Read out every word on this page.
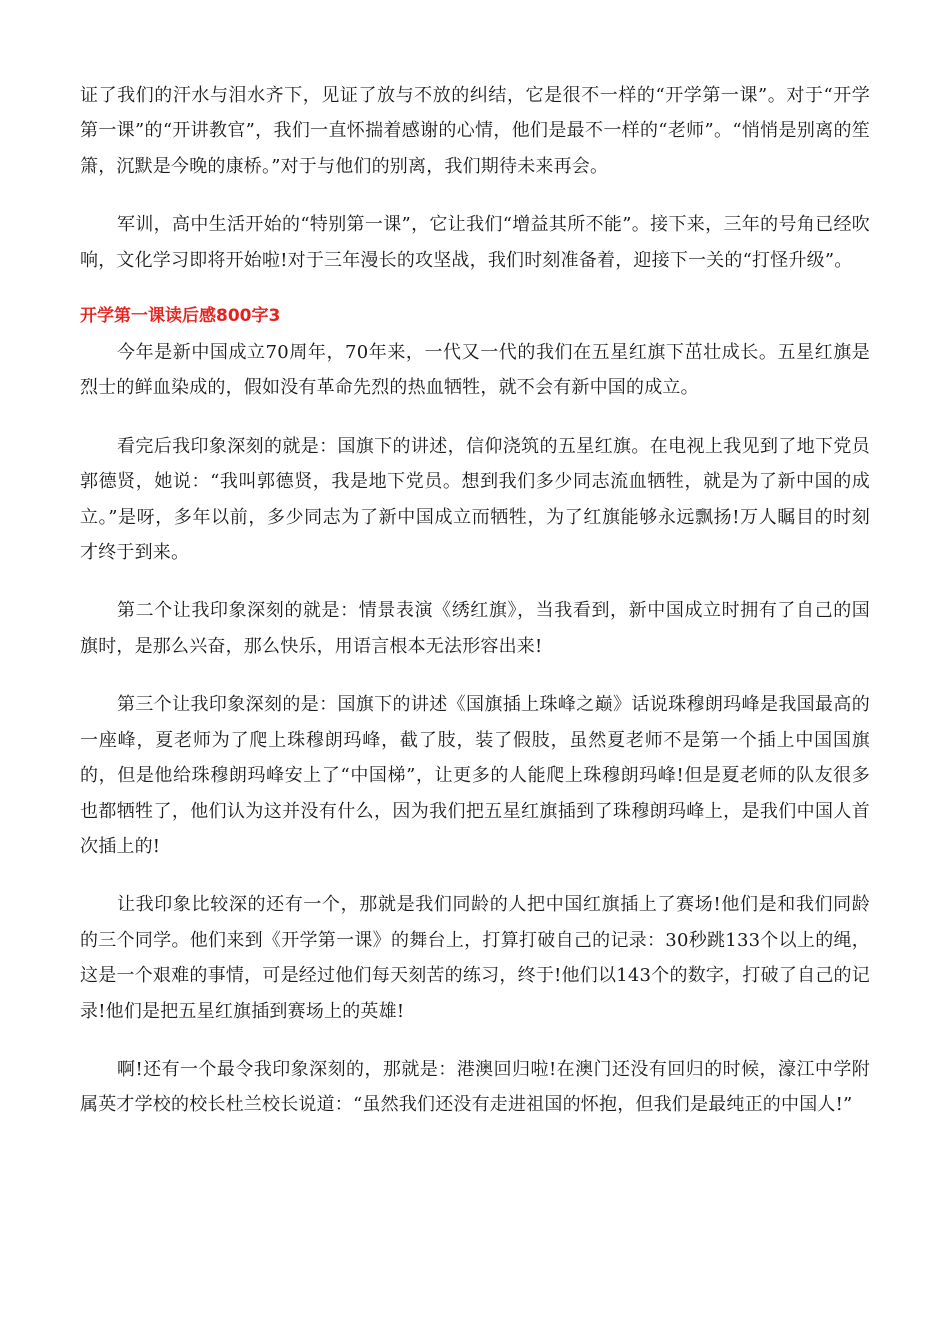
证了我们的汗水与泪水齐下，见证了放与不放的纠结，它是很不一样的“开学第一课”。对于“开学第一课”的“开讲教官”，我们一直怀揣着感谢的心情，他们是最不一样的“老师”。“悄悄是别离的笙箫，沉默是今晚的康桥。”对于与他们的别离，我们期待未来再会。

军训，高中生活开始的“特别第一课”，它让我们“增益其所不能”。接下来，三年的号角已经吹响，文化学习即将开始啦!对于三年漫长的攻坚战，我们时刻准备着，迎接下一关的“打怪升级”。

开学第一课读后感800字3

今年是新中国成立70周年，70年来，一代又一代的我们在五星红旗下茁壮成长。五星红旗是烈士的鲜血染成的，假如没有革命先烈的热血牺牲，就不会有新中国的成立。

看完后我印象深刻的就是：国旗下的讲述，信仰浇筑的五星红旗。在电视上我见到了地下党员郭德贤，她说：“我叫郭德贤，我是地下党员。想到我们多少同志流血牺牲，就是为了新中国的成立。”是呀，多年以前，多少同志为了新中国成立而牺牲，为了红旗能够永远飘扬!万人瞩目的时刻才终于到来。

第二个让我印象深刻的就是：情景表演《绣红旗》，当我看到，新中国成立时拥有了自己的国旗时，是那么兴奋，那么快乐，用语言根本无法形容出来!

第三个让我印象深刻的是：国旗下的讲述《国旗插上珠峰之巅》话说珠穆朗玛峰是我国最高的一座峰，夏老师为了爬上珠穆朗玛峰，截了肢，装了假肢，虽然夏老师不是第一个插上中国国旗的，但是他给珠穆朗玛峰安上了“中国梯”，让更多的人能爬上珠穆朗玛峰!但是夏老师的队友很多也都牺牲了，他们认为这并没有什么，因为我们把五星红旗插到了珠穆朗玛峰上，是我们中国人首次插上的!

让我印象比较深的还有一个，那就是我们同龄的人把中国红旗插上了赛场!他们是和我们同龄的三个同学。他们来到《开学第一课》的舞台上，打算打破自己的记录：30秒跳133个以上的绳，这是一个艰难的事情，可是经过他们每天刻苦的练习，终于!他们以143个的数字，打破了自己的记录!他们是把五星红旗插到赛场上的英雄!

啊!还有一个最令我印象深刻的，那就是：港澳回归啦!在澳门还没有回归的时候，濠江中学附属英才学校的校长杜兰校长说道：“虽然我们还没有走进祖国的怀抱，但我们是最纯正的中国人!”
